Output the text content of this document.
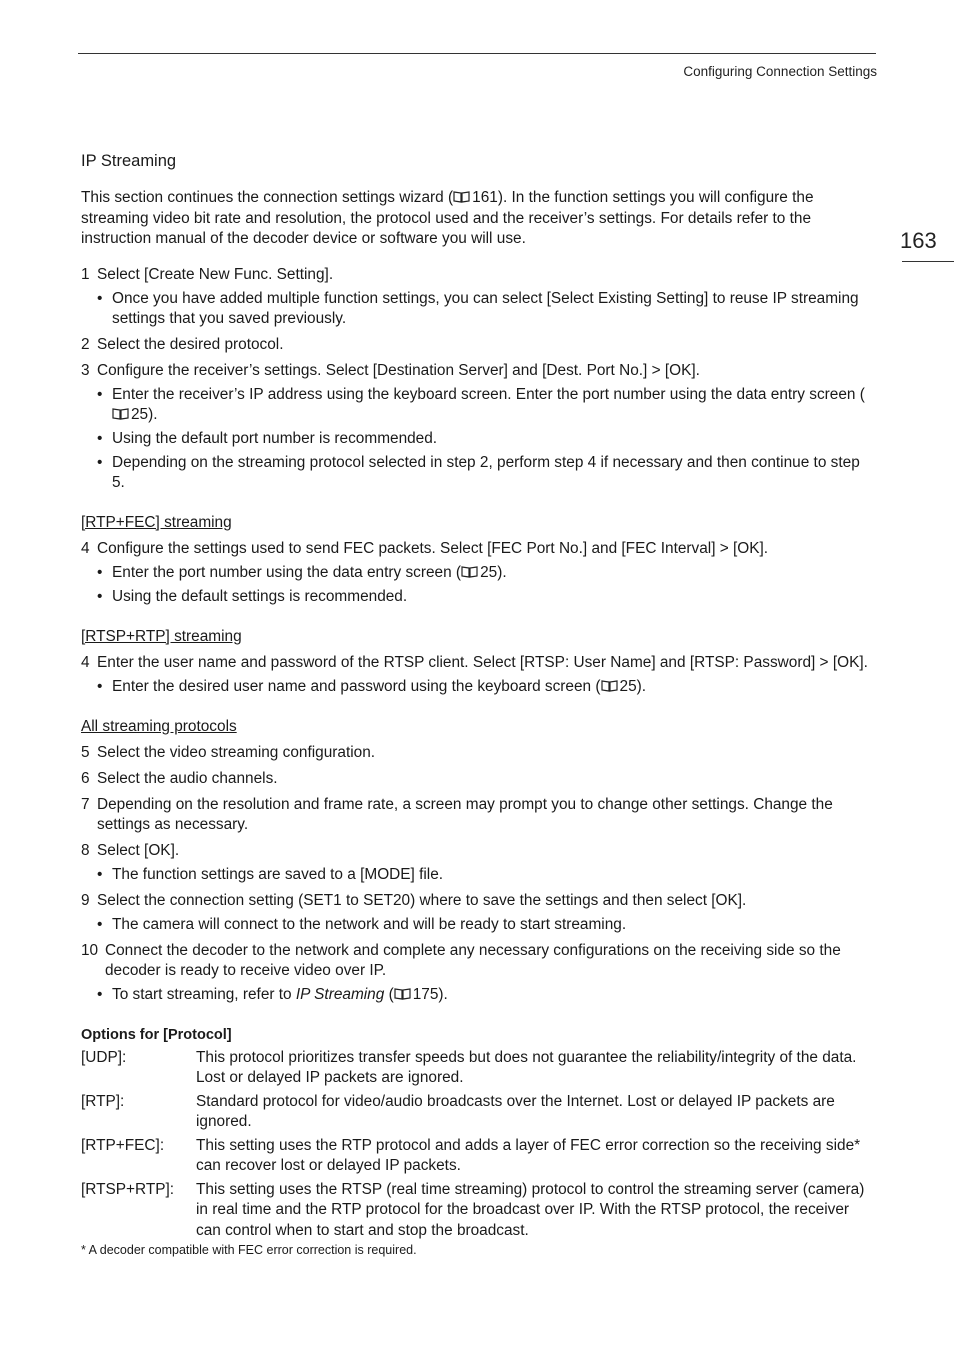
Configuring Connection Settings
163
IP Streaming

This section continues the connection settings wizard ( 161). In the function settings you will configure the streaming video bit rate and resolution, the protocol used and the receiver’s settings. For details refer to the instruction manual of the decoder device or software you will use.

1 Select [Create New Func. Setting].
• Once you have added multiple function settings, you can select [Select Existing Setting] to reuse IP streaming settings that you saved previously.
2 Select the desired protocol.
3 Configure the receiver’s settings. Select [Destination Server] and [Dest. Port No.] > [OK].
• Enter the receiver’s IP address using the keyboard screen. Enter the port number using the data entry screen (25).
• Using the default port number is recommended.
• Depending on the streaming protocol selected in step 2, perform step 4 if necessary and then continue to step 5.
[RTP+FEC] streaming
4 Configure the settings used to send FEC packets. Select [FEC Port No.] and [FEC Interval] > [OK].
• Enter the port number using the data entry screen ( 25).
• Using the default settings is recommended.
[RTSP+RTP] streaming
4 Enter the user name and password of the RTSP client. Select [RTSP: User Name] and [RTSP: Password] > [OK].
• Enter the desired user name and password using the keyboard screen ( 25).
All streaming protocols
5 Select the video streaming configuration.
6 Select the audio channels.
7 Depending on the resolution and frame rate, a screen may prompt you to change other settings. Change the settings as necessary.
8 Select [OK].
• The function settings are saved to a [MODE] file.
9 Select the connection setting (SET1 to SET20) where to save the settings and then select [OK].
• The camera will connect to the network and will be ready to start streaming.
10 Connect the decoder to the network and complete any necessary configurations on the receiving side so the decoder is ready to receive video over IP.
• To start streaming, refer to IP Streaming ( 175).
Options for [Protocol]
[UDP]:	This protocol prioritizes transfer speeds but does not guarantee the reliability/integrity of the data. Lost or delayed IP packets are ignored.
[RTP]:	Standard protocol for video/audio broadcasts over the Internet. Lost or delayed IP packets are ignored.
[RTP+FEC]:	This setting uses the RTP protocol and adds a layer of FEC error correction so the receiving side* can recover lost or delayed IP packets.
[RTSP+RTP]:	This setting uses the RTSP (real time streaming) protocol to control the streaming server (camera) in real time and the RTP protocol for the broadcast over IP. With the RTSP protocol, the receiver can control when to start and stop the broadcast.
* A decoder compatible with FEC error correction is required.
